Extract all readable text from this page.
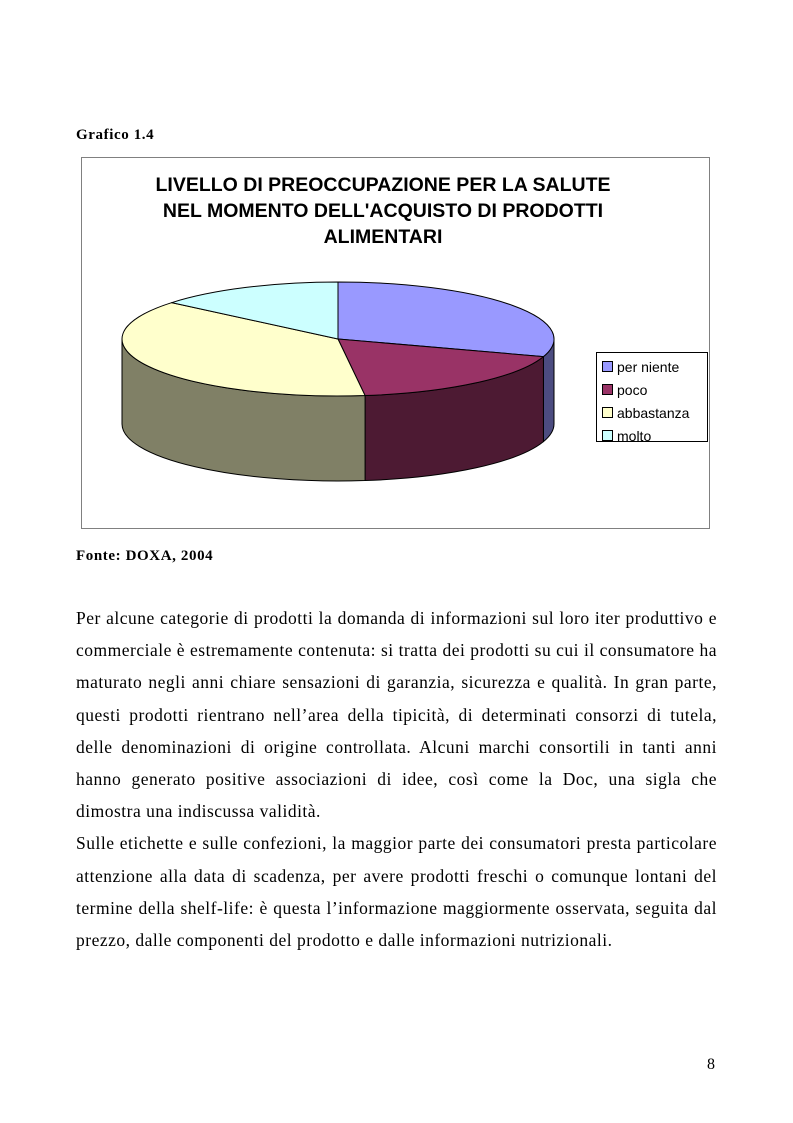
Grafico 1.4
LIVELLO DI PREOCCUPAZIONE PER LA SALUTE
NEL MOMENTO DELL'ACQUISTO DI PRODOTTI
ALIMENTARI
per niente
poco
abbastanza
molto
Fonte: DOXA, 2004

Per alcune categorie di prodotti la domanda di informazioni sul loro iter produttivo e commerciale è estremamente contenuta: si tratta dei prodotti su cui il consumatore ha maturato negli anni chiare sensazioni di garanzia, sicurezza e qualità. In gran parte, questi prodotti rientrano nell’area della tipicità, di determinati consorzi di tutela, delle denominazioni di origine controllata. Alcuni marchi consortili in tanti anni hanno generato positive associazioni di idee, così come la Doc, una sigla che dimostra una indiscussa validità.

Sulle etichette e sulle confezioni, la maggior parte dei consumatori presta particolare attenzione alla data di scadenza, per avere prodotti freschi o comunque lontani del termine della shelf-life: è questa l’informazione maggiormente osservata, seguita dal prezzo, dalle componenti del prodotto e dalle informazioni nutrizionali.

8
